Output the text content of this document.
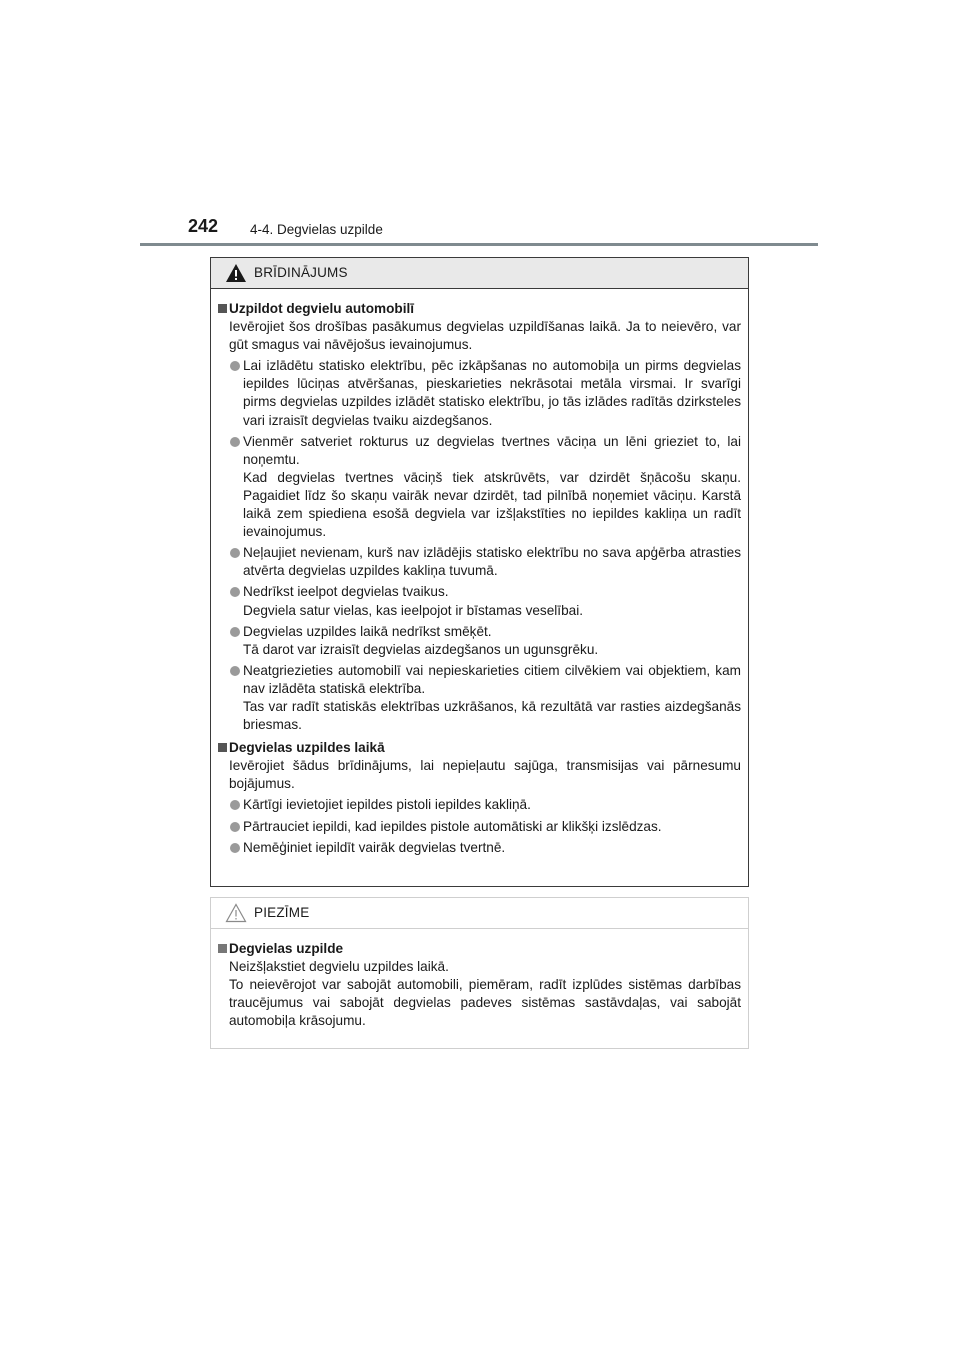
242 4-4. Degvielas uzpilde
BRĪDINĀJUMS
Uzpildot degvielu automobilī
Ievērojiet šos drošības pasākumus degvielas uzpildīšanas laikā. Ja to neievēro, var gūt smagus vai nāvējošus ievainojumus.
Lai izlādētu statisko elektrību, pēc izkāpšanas no automobiļa un pirms degvielas iepildes lūciņas atvēršanas, pieskarieties nekrāsotai metāla virsmai. Ir svarīgi pirms degvielas uzpildes izlādēt statisko elektrību, jo tās izlādes radītās dzirksteles vari izraisīt degvielas tvaiku aizdegšanos.
Vienmēr satveriet rokturus uz degvielas tvertnes vāciņa un lēni grieziet to, lai noņemtu.
Kad degvielas tvertnes vāciņš tiek atskrūvēts, var dzirdēt šņācošu skaņu. Pagaidiet līdz šo skaņu vairāk nevar dzirdēt, tad pilnībā noņemiet vāciņu. Karstā laikā zem spiediena esošā degviela var izšļakstīties no iepildes kakliņa un radīt ievainojumus.
Neļaujiet nevienam, kurš nav izlādējis statisko elektrību no sava apģērba atrasties atvērta degvielas uzpildes kakliņa tuvumā.
Nedrīkst ieelpot degvielas tvaikus.
Degviela satur vielas, kas ieelpojot ir bīstamas veselībai.
Degvielas uzpildes laikā nedrīkst smēķēt.
Tā darot var izraisīt degvielas aizdegšanos un ugunsgrēku.
Neatgriezieties automobilī vai nepieskarieties citiem cilvēkiem vai objektiem, kam nav izlādēta statiskā elektrība.
Tas var radīt statiskās elektrības uzkrāšanos, kā rezultātā var rasties aizdegšanās briesmas.
Degvielas uzpildes laikā
Ievērojiet šādus brīdinājums, lai nepieļautu sajūga, transmisijas vai pārnesumu bojājumus.
Kārtīgi ievietojiet iepildes pistoli iepildes kakliņā.
Pārtrauciet iepildi, kad iepildes pistole automātiski ar klikšķi izslēdzas.
Nemēģiniet iepildīt vairāk degvielas tvertnē.
PIEZĪME
Degvielas uzpilde
Neizšļakstiet degvielu uzpildes laikā.
To neievērojot var sabojāt automobili, piemēram, radīt izplūdes sistēmas darbības traucējumus vai sabojāt degvielas padeves sistēmas sastāvdaļas, vai sabojāt automobiļa krāsojumu.
